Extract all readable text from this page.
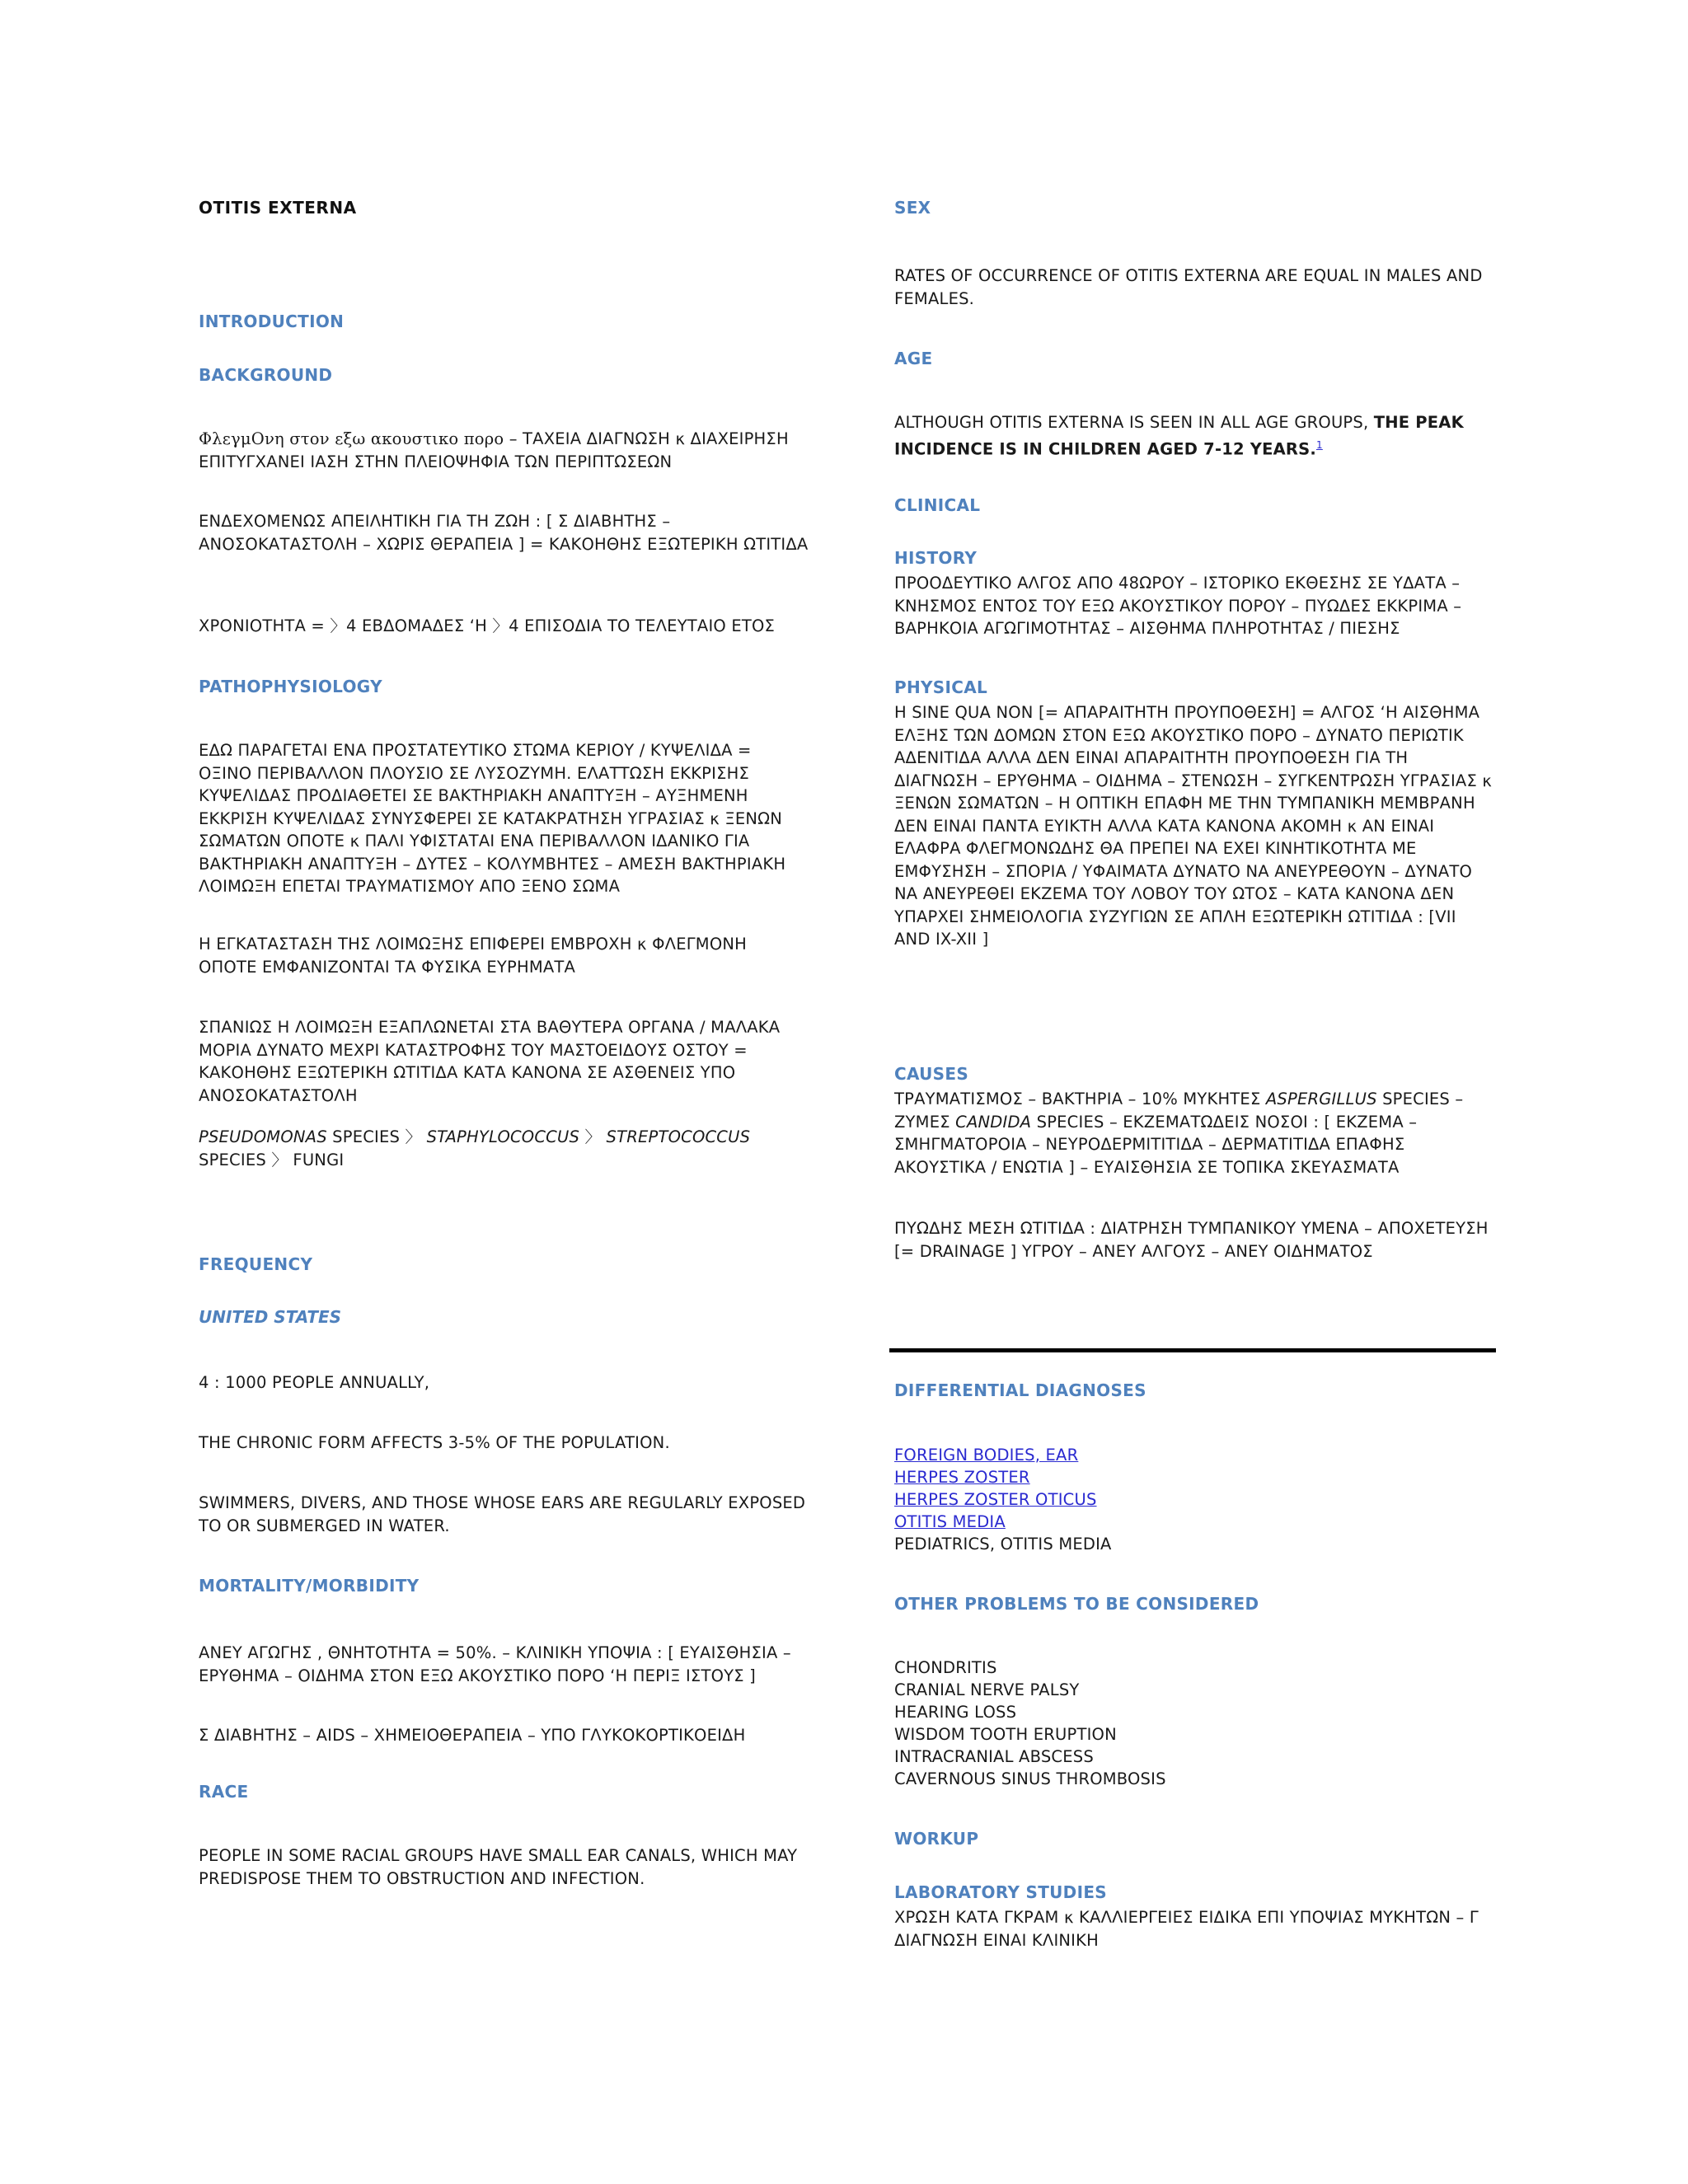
OTITIS EXTERNA
INTRODUCTION
BACKGROUND

ΦλεγμΟνη στον εξω ακουστικο πορο – ΤΑΧΕΙΑ ΔΙΑΓΝΩΣΗ κ ΔΙΑΧΕΙΡΗΣΗ ΕΠΙΤΥΓΧΑΝΕΙ ΙΑΣΗ ΣΤΗΝ ΠΛΕΙΟΨΗΦΙΑ ΤΩΝ ΠΕΡΙΠΤΩΣΕΩΝ

ΕΝΔΕΧΟΜΕΝΩΣ ΑΠΕΙΛΗΤΙΚΗ ΓΙΑ ΤΗ ΖΩΗ : [ Σ ΔΙΑΒΗΤΗΣ – ΑΝΟΣΟΚΑΤΑΣΤΟΛΗ – ΧΩΡΙΣ ΘΕΡΑΠΕΙΑ ] = ΚΑΚΟΗΘΗΣ ΕΞΩΤΕΡΙΚΗ ΩΤΙΤΙΔΑ

ΧΡΟΝΙΟΤΗΤΑ = 〉4 ΕΒΔΟΜΑΔΕΣ ‘Η 〉4 ΕΠΙΣΟΔΙΑ ΤΟ ΤΕΛΕΥΤΑΙΟ ΕΤΟΣ

PATHOPHYSIOLOGY

ΕΔΩ ΠΑΡΑΓΕΤΑΙ ΕΝΑ ΠΡΟΣΤΑΤΕΥΤΙΚΟ ΣΤΩΜΑ ΚΕΡΙΟΥ / ΚΥΨΕΛΙΔΑ = ΟΞΙΝΟ ΠΕΡΙΒΑΛΛΟΝ ΠΛΟΥΣΙΟ ΣΕ ΛΥΣΟΖΥΜΗ. ΕΛΑΤΤΩΣΗ ΕΚΚΡΙΣΗΣ ΚΥΨΕΛΙΔΑΣ ΠΡΟΔΙΑΘΕΤΕΙ ΣΕ ΒΑΚΤΗΡΙΑΚΗ ΑΝΑΠΤΥΞΗ – ΑΥΞΗΜΕΝΗ ΕΚΚΡΙΣΗ ΚΥΨΕΛΙΔΑΣ ΣΥΝΥΣΦΕΡΕΙ ΣΕ ΚΑΤΑΚΡΑΤΗΣΗ ΥΓΡΑΣΙΑΣ κ ΞΕΝΩΝ ΣΩΜΑΤΩΝ ΟΠΟΤΕ κ ΠΑΛΙ ΥΦΙΣΤΑΤΑΙ ΕΝΑ ΠΕΡΙΒΑΛΛΟΝ ΙΔΑΝΙΚΟ ΓΙΑ ΒΑΚΤΗΡΙΑΚΗ ΑΝΑΠΤΥΞΗ – ΔΥΤΕΣ – ΚΟΛΥΜΒΗΤΕΣ – ΑΜΕΣΗ ΒΑΚΤΗΡΙΑΚΗ ΛΟΙΜΩΞΗ ΕΠΕΤΑΙ ΤΡΑΥΜΑΤΙΣΜΟΥ ΑΠΟ ΞΕΝΟ ΣΩΜΑ

Η ΕΓΚΑΤΑΣΤΑΣΗ ΤΗΣ ΛΟΙΜΩΞΗΣ ΕΠΙΦΕΡΕΙ ΕΜΒΡΟΧΗ κ ΦΛΕΓΜΟΝΗ ΟΠΟΤΕ ΕΜΦΑΝΙΖΟΝΤΑΙ ΤΑ ΦΥΣΙΚΑ ΕΥΡΗΜΑΤΑ

ΣΠΑΝΙΩΣ Η ΛΟΙΜΩΞΗ ΕΞΑΠΛΩΝΕΤΑΙ ΣΤΑ ΒΑΘΥΤΕΡΑ ΟΡΓΑΝΑ / ΜΑΛΑΚΑ ΜΟΡΙΑ ΔΥΝΑΤΟ ΜΕΧΡΙ ΚΑΤΑΣΤΡΟΦΗΣ ΤΟΥ ΜΑΣΤΟΕΙΔΟΥΣ ΟΣΤΟΥ = ΚΑΚΟΗΘΗΣ ΕΞΩΤΕΡΙΚΗ ΩΤΙΤΙΔΑ ΚΑΤΑ ΚΑΝΟΝΑ ΣΕ ΑΣΘΕΝΕΙΣ ΥΠΟ ΑΝΟΣΟΚΑΤΑΣΤΟΛΗ

PSEUDOMONAS SPECIES 〉 STAPHYLOCOCCUS 〉 STREPTOCOCCUS SPECIES 〉 FUNGI

FREQUENCY
UNITED STATES

4 : 1000 PEOPLE ANNUALLY,

THE CHRONIC FORM AFFECTS 3-5% OF THE POPULATION.

SWIMMERS, DIVERS, AND THOSE WHOSE EARS ARE REGULARLY EXPOSED TO OR SUBMERGED IN WATER.

MORTALITY/MORBIDITY

ΑΝΕΥ ΑΓΩΓΗΣ , ΘΝΗΤΟΤΗΤΑ = 50%. – ΚΛΙΝΙΚΗ ΥΠΟΨΙΑ : [ ΕΥΑΙΣΘΗΣΙΑ – ΕΡΥΘΗΜΑ – ΟΙΔΗΜΑ ΣΤΟΝ ΕΞΩ ΑΚΟΥΣΤΙΚΟ ΠΟΡΟ ‘Η ΠΕΡΙΞ ΙΣΤΟΥΣ ]

Σ ΔΙΑΒΗΤΗΣ – AIDS – ΧΗΜΕΙΟΘΕΡΑΠΕΙΑ – ΥΠΟ ΓΛΥΚΟΚΟΡΤΙΚΟΕΙΔΗ

RACE

PEOPLE IN SOME RACIAL GROUPS HAVE SMALL EAR CANALS, WHICH MAY PREDISPOSE THEM TO OBSTRUCTION AND INFECTION.

SEX

RATES OF OCCURRENCE OF OTITIS EXTERNA ARE EQUAL IN MALES AND FEMALES.

AGE

ALTHOUGH OTITIS EXTERNA IS SEEN IN ALL AGE GROUPS, THE PEAK INCIDENCE IS IN CHILDREN AGED 7-12 YEARS.$^1$

CLINICAL
HISTORY

ΠΡΟΟΔΕΥΤΙΚΟ ΑΛΓΟΣ ΑΠΟ 48ΩΡΟΥ – ΙΣΤΟΡΙΚΟ ΕΚΘΕΣΗΣ ΣΕ ΥΔΑΤΑ – ΚΝΗΣΜΟΣ ΕΝΤΟΣ ΤΟΥ ΕΞΩ ΑΚΟΥΣΤΙΚΟΥ ΠΟΡΟΥ – ΠΥΩΔΕΣ ΕΚΚΡΙΜΑ – ΒΑΡΗΚΟΙΑ ΑΓΩΓΙΜΟΤΗΤΑΣ – ΑΙΣΘΗΜΑ ΠΛΗΡΟΤΗΤΑΣ / ΠΙΕΣΗΣ

PHYSICAL

Η SINE QUA NON [= ΑΠΑΡΑΙΤΗΤΗ ΠΡΟΥΠΟΘΕΣΗ] = ΑΛΓΟΣ ‘Η ΑΙΣΘΗΜΑ ΕΛΞΗΣ ΤΩΝ ΔΟΜΩΝ ΣΤΟΝ ΕΞΩ ΑΚΟΥΣΤΙΚΟ ΠΟΡΟ – ΔΥΝΑΤΟ ΠΕΡΙΩΤΙΚ ΑΔΕΝΙΤΙΔΑ ΑΛΛΑ ΔΕΝ ΕΙΝΑΙ ΑΠΑΡΑΙΤΗΤΗ ΠΡΟΥΠΟΘΕΣΗ ΓΙΑ ΤΗ ΔΙΑΓΝΩΣΗ – ΕΡΥΘΗΜΑ – ΟΙΔΗΜΑ – ΣΤΕΝΩΣΗ – ΣΥΓΚΕΝΤΡΩΣΗ ΥΓΡΑΣΙΑΣ κ ΞΕΝΩΝ ΣΩΜΑΤΩΝ – Η ΟΠΤΙΚΗ ΕΠΑΦΗ ΜΕ ΤΗΝ ΤΥΜΠΑΝΙΚΗ ΜΕΜΒΡΑΝΗ ΔΕΝ ΕΙΝΑΙ ΠΑΝΤΑ ΕΥΙΚΤΗ ΑΛΛΑ ΚΑΤΑ ΚΑΝΟΝΑ ΑΚΟΜΗ κ ΑΝ ΕΙΝΑΙ ΕΛΑΦΡΑ ΦΛΕΓΜΟΝΩΔΗΣ ΘΑ ΠΡΕΠΕΙ ΝΑ ΕΧΕΙ ΚΙΝΗΤΙΚΟΤΗΤΑ ΜΕ ΕΜΦΥΣΗΣΗ – ΣΠΟΡΙΑ / ΥΦΑΙΜΑΤΑ ΔΥΝΑΤΟ ΝΑ ΑΝΕΥΡΕΘΟΥΝ – ΔΥΝΑΤΟ ΝΑ ΑΝΕΥΡΕΘΕΙ ΕΚΖΕΜΑ ΤΟΥ ΛΟΒΟΥ ΤΟΥ ΩΤΟΣ – ΚΑΤΑ ΚΑΝΟΝΑ ΔΕΝ ΥΠΑΡΧΕΙ ΣΗΜΕΙΟΛΟΓΙΑ ΣΥΖΥΓΙΩΝ ΣΕ ΑΠΛΗ ΕΞΩΤΕΡΙΚΗ ΩΤΙΤΙΔΑ : [VII AND IX-XII ]

CAUSES

ΤΡΑΥΜΑΤΙΣΜΟΣ – ΒΑΚΤΗΡΙΑ – 10% ΜΥΚΗΤΕΣ ASPERGILLUS SPECIES – ΖΥΜΕΣ CANDIDA SPECIES – ΕΚΖΕΜΑΤΩΔΕΙΣ ΝΟΣΟΙ : [ ΕΚΖΕΜΑ – ΣΜΗΓΜΑΤΟΡΟΙΑ – ΝΕΥΡΟΔΕΡΜΙΤΙΤΙΔΑ – ΔΕΡΜΑΤΙΤΙΔΑ ΕΠΑΦΗΣ ΑΚΟΥΣΤΙΚΑ / ΕΝΩΤΙΑ ] – ΕΥΑΙΣΘΗΣΙΑ ΣΕ ΤΟΠΙΚΑ ΣΚΕΥΑΣΜΑΤΑ

ΠΥΩΔΗΣ ΜΕΣΗ ΩΤΙΤΙΔΑ : ΔΙΑΤΡΗΣΗ ΤΥΜΠΑΝΙΚΟΥ ΥΜΕΝΑ – ΑΠΟΧΕΤΕΥΣΗ [= DRAINAGE ] ΥΓΡΟΥ – ΑΝΕΥ ΑΛΓΟΥΣ – ΑΝΕΥ ΟΙΔΗΜΑΤΟΣ

DIFFERENTIAL DIAGNOSES
FOREIGN BODIES, EAR
HERPES ZOSTER
HERPES ZOSTER OTICUS
OTITIS MEDIA
PEDIATRICS, OTITIS MEDIA
OTHER PROBLEMS TO BE CONSIDERED
CHONDRITIS
CRANIAL NERVE PALSY
HEARING LOSS
WISDOM TOOTH ERUPTION
INTRACRANIAL ABSCESS
CAVERNOUS SINUS THROMBOSIS
WORKUP
LABORATORY STUDIES

ΧΡΩΣΗ ΚΑΤΑ ΓΚΡΑΜ κ ΚΑΛΛΙΕΡΓΕΙΕΣ ΕΙΔΙΚΑ ΕΠΙ ΥΠΟΨΙΑΣ ΜΥΚΗΤΩΝ – Γ ΔΙΑΓΝΩΣΗ ΕΙΝΑΙ ΚΛΙΝΙΚΗ
